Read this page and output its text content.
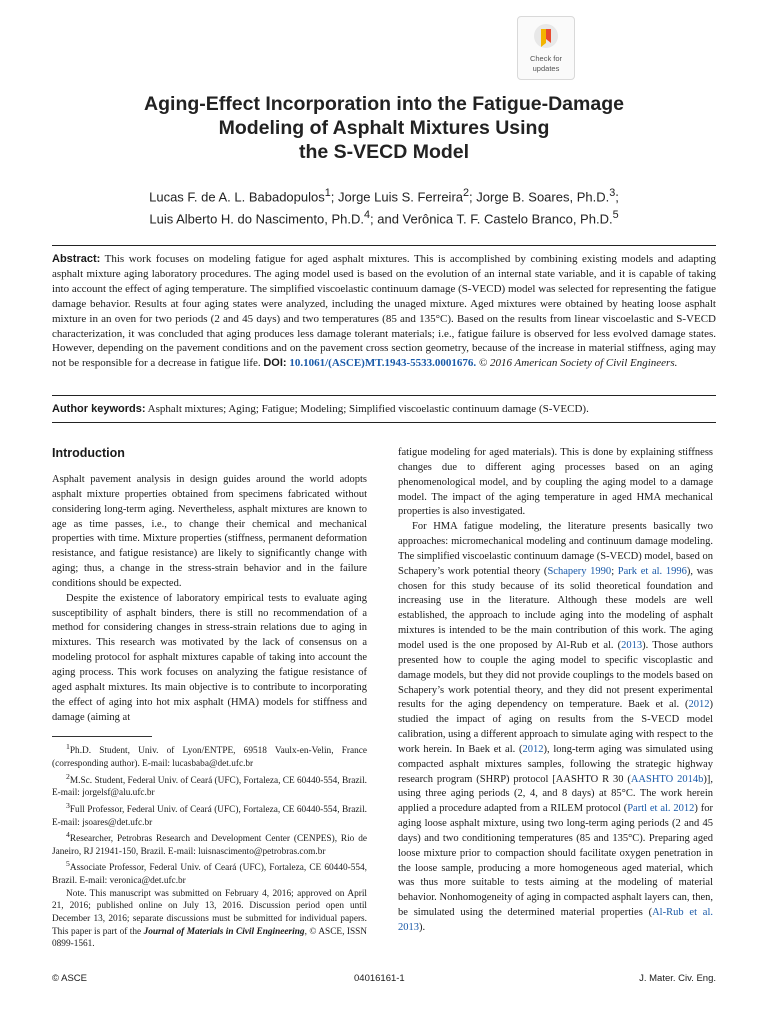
Check for
updates
Aging-Effect Incorporation into the Fatigue-Damage
Modeling of Asphalt Mixtures Using
the S-VECD Model
Lucas F. de A. L. Babadopulos$^1$; Jorge Luis S. Ferreira$^2$; Jorge B. Soares, Ph.D.$^3$;
Luis Alberto H. do Nascimento, Ph.D.$^4$; and Verônica T. F. Castelo Branco, Ph.D.$^5$
Abstract: This work focuses on modeling fatigue for aged asphalt mixtures. This is accomplished by combining existing models and adapting asphalt mixture aging laboratory procedures. The aging model used is based on the evolution of an internal state variable, and it is capable of taking into account the effect of aging temperature. The simplified viscoelastic continuum damage (S-VECD) model was selected for representing the fatigue damage behavior. Results at four aging states were analyzed, including the unaged mixture. Aged mixtures were obtained by heating loose asphalt mixture in an oven for two periods (2 and 45 days) and two temperatures (85 and 135°C). Based on the results from linear viscoelastic and S-VECD characterization, it was concluded that aging produces less damage tolerant materials; i.e., fatigue failure is observed for less evolved damage states. However, depending on the pavement conditions and on the pavement cross section geometry, because of the increase in material stiffness, aging may not be responsible for a decrease in fatigue life. DOI: 10.1061/(ASCE)MT.1943-5533.0001676. © 2016 American Society of Civil Engineers.
Author keywords: Asphalt mixtures; Aging; Fatigue; Modeling; Simplified viscoelastic continuum damage (S-VECD).
Introduction

Asphalt pavement analysis in design guides around the world adopts asphalt mixture properties obtained from specimens fabricated without considering long-term aging. Nevertheless, asphalt mixtures are known to age as time passes, i.e., to change their chemical and mechanical properties with time. Mixture properties (stiffness, permanent deformation resistance, and fatigue resistance) are likely to significantly change with aging; thus, a change in the stress-strain behavior and in the failure conditions should be expected.

Despite the existence of laboratory empirical tests to evaluate aging susceptibility of asphalt binders, there is still no recommendation of a method for considering changes in stress-strain relations due to aging in mixtures. This research was motivated by the lack of consensus on a modeling protocol for asphalt mixtures capable of taking into account the aging process. This work focuses on analyzing the fatigue resistance of aged asphalt mixtures. Its main objective is to contribute to incorporating the effect of aging into hot mix asphalt (HMA) models for stiffness and damage (aiming at

$^1$Ph.D. Student, Univ. of Lyon/ENTPE, 69518 Vaulx-en-Velin, France (corresponding author). E-mail: lucasbaba@det.ufc.br

$^2$M.Sc. Student, Federal Univ. of Ceará (UFC), Fortaleza, CE 60440-554, Brazil. E-mail: jorgelsf@alu.ufc.br

$^3$Full Professor, Federal Univ. of Ceará (UFC), Fortaleza, CE 60440-554, Brazil. E-mail: jsoares@det.ufc.br

$^4$Researcher, Petrobras Research and Development Center (CENPES), Rio de Janeiro, RJ 21941-150, Brazil. E-mail: luisnascimento@petrobras.com.br

$^5$Associate Professor, Federal Univ. of Ceará (UFC), Fortaleza, CE 60440-554, Brazil. E-mail: veronica@det.ufc.br

Note. This manuscript was submitted on February 4, 2016; approved on April 21, 2016; published online on July 13, 2016. Discussion period open until December 13, 2016; separate discussions must be submitted for individual papers. This paper is part of the Journal of Materials in Civil Engineering, © ASCE, ISSN 0899-1561.

fatigue modeling for aged materials). This is done by explaining stiffness changes due to different aging processes based on an aging phenomenological model, and by coupling the aging model to a damage model. The impact of the aging temperature in aged HMA mechanical properties is also investigated.

For HMA fatigue modeling, the literature presents basically two approaches: micromechanical modeling and continuum damage modeling. The simplified viscoelastic continuum damage (S-VECD) model, based on Schapery’s work potential theory (Schapery 1990; Park et al. 1996), was chosen for this study because of its solid theoretical foundation and increasing use in the literature. Although these models are well established, the approach to include aging into the modeling of asphalt mixtures is intended to be the main contribution of this work. The aging model used is the one proposed by Al-Rub et al. (2013). Those authors presented how to couple the aging model to specific viscoplastic and damage models, but they did not provide couplings to the models based on Schapery’s work potential theory, and they did not present experimental results for the aging dependency on temperature. Baek et al. (2012) studied the impact of aging on results from the S-VECD model calibration, using a different approach to simulate aging with respect to the work herein. In Baek et al. (2012), long-term aging was simulated using compacted asphalt mixtures samples, following the strategic highway research program (SHRP) protocol [AASHTO R 30 (AASHTO 2014b)], using three aging periods (2, 4, and 8 days) at 85°C. The work herein applied a procedure adapted from a RILEM protocol (Partl et al. 2012) for aging loose asphalt mixture, using two long-term aging periods (2 and 45 days) and two conditioning temperatures (85 and 135°C). Preparing aged loose mixture prior to compaction should facilitate oxygen penetration in the loose sample, producing a more homogeneous aged material, which was thus more suitable to tests aiming at the modeling of material behavior. Nonhomogeneity of aging in compacted asphalt layers can, then, be simulated using the determined material properties (Al-Rub et al. 2013).

© ASCE	04016161-1	J. Mater. Civ. Eng.
